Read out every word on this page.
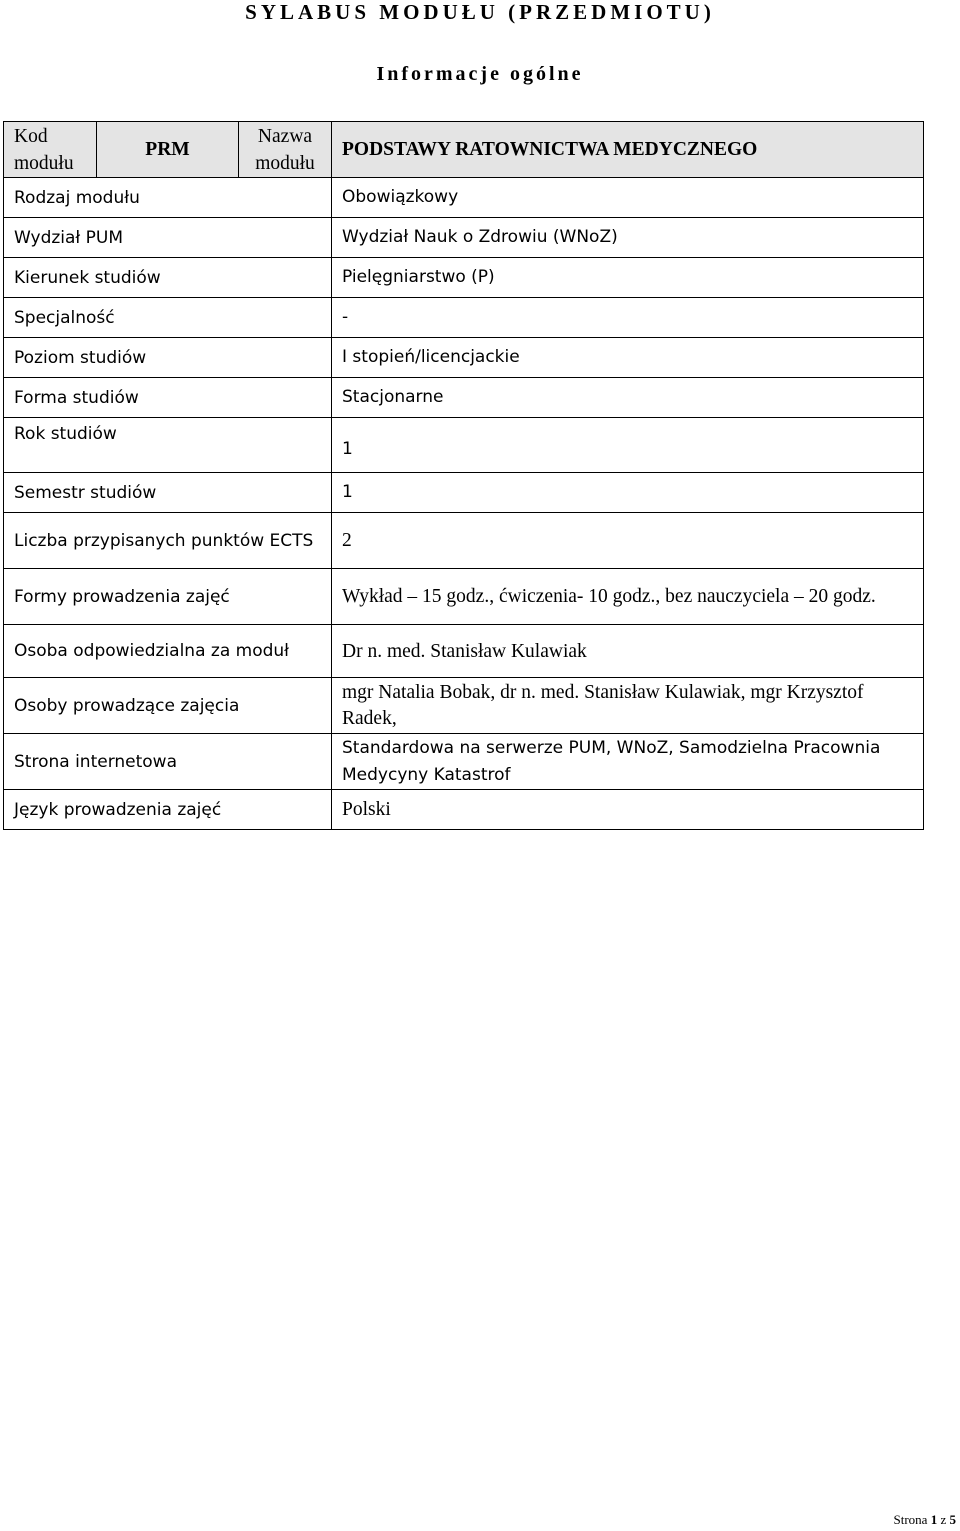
SYLABUS MODUŁU (PRZEDMIOTU)
Informacje ogólne
Kod modułu	PRM	Nazwa modułu	PODSTAWY RATOWNICTWA MEDYCZNEGO
Rodzaj modułu			Obowiązkowy
Wydział PUM			Wydział Nauk o Zdrowiu (WNoZ)
Kierunek studiów			Pielęgniarstwo (P)
Specjalność			-
Poziom studiów			I stopień/licencjackie
Forma studiów			Stacjonarne
Rok studiów			1
Semestr studiów			1
Liczba przypisanych punktów ECTS			2
Formy prowadzenia zajęć			Wykład – 15 godz., ćwiczenia- 10 godz., bez nauczyciela – 20 godz.
Osoba odpowiedzialna za moduł			Dr n. med. Stanisław Kulawiak
Osoby prowadzące zajęcia			mgr Natalia Bobak, dr n. med. Stanisław Kulawiak, mgr Krzysztof Radek,
Strona internetowa			Standardowa na serwerze PUM, WNoZ, Samodzielna Pracownia Medycyny Katastrof
Język prowadzenia zajęć			Polski
Strona 1 z 5
